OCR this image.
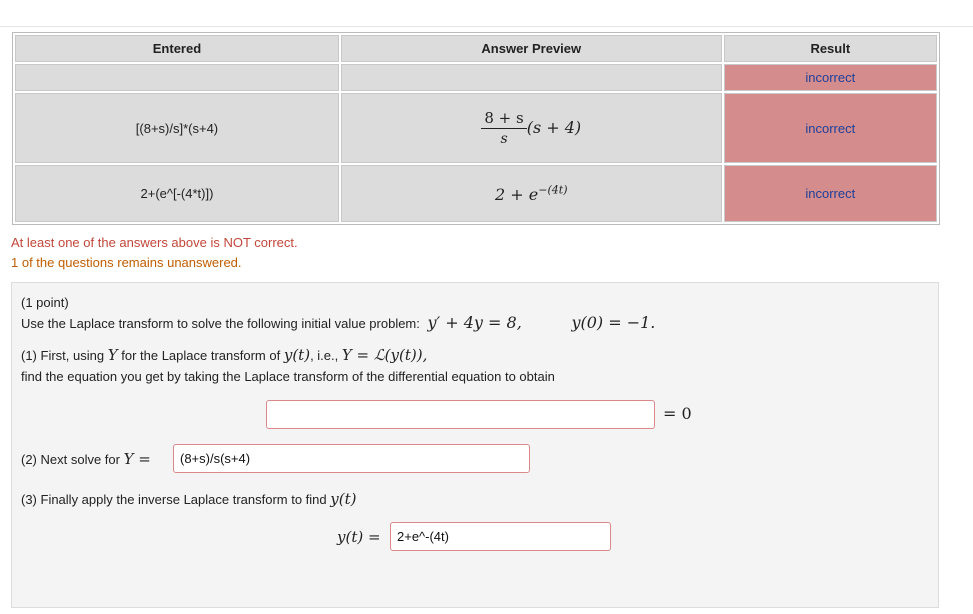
Entered	Answer Preview	Result
		incorrect
[(8+s)/s]*(s+4)	$\frac{8 + s}{s} (s + 4)$	incorrect
2+(e^[-(4*t)])	$2 + e^{-(4t)}$	incorrect
At least one of the answers above is NOT correct.
1 of the questions remains unanswered.
(1 point)
Use the Laplace transform to solve the following initial value problem: y′ + 4y = 8,	y(0) = −1.
(1) First, using Y for the Laplace transform of y(t), i.e., Y = ℒ(y(t)),
find the equation you get by taking the Laplace transform of the differential equation to obtain
= 0
(2) Next solve for Y =	(8+s)/s(s+4)
(3) Finally apply the inverse Laplace transform to find y(t)
y(t) =	2+e^-(4t)
